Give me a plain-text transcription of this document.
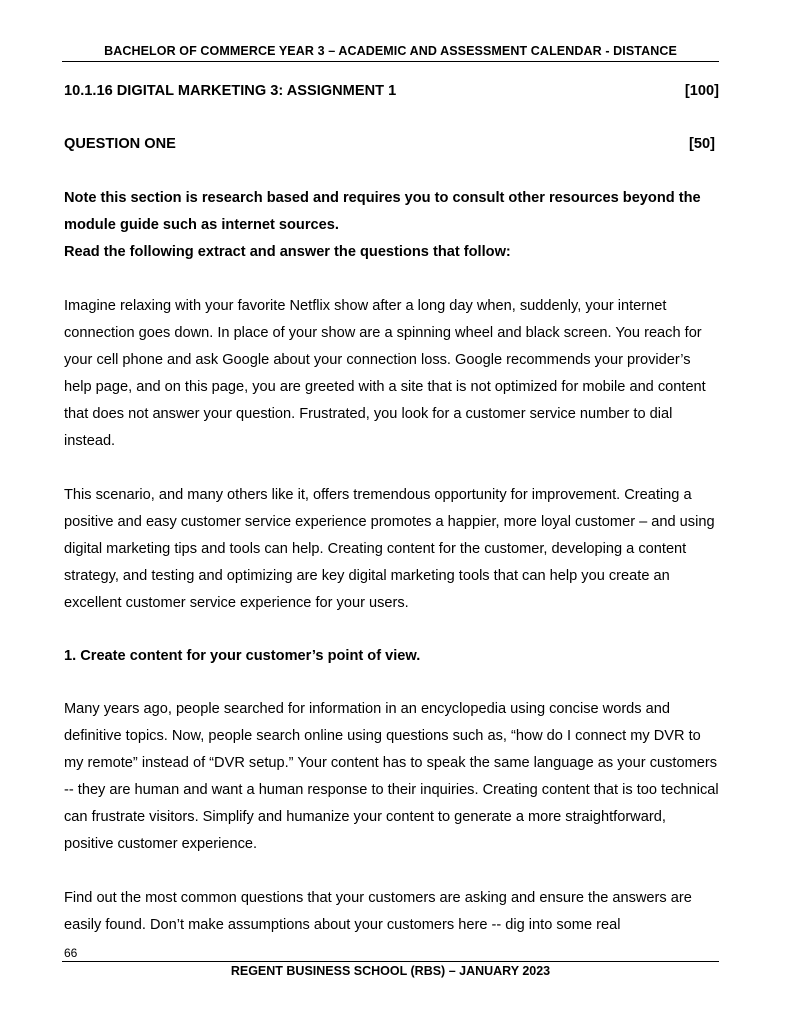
BACHELOR OF COMMERCE YEAR 3 – ACADEMIC AND ASSESSMENT CALENDAR - DISTANCE
10.1.16 DIGITAL MARKETING 3: ASSIGNMENT 1	[100]
QUESTION ONE	[50]

Note this section is research based and requires you to consult other resources beyond the module guide such as internet sources.

Read the following extract and answer the questions that follow:

Imagine relaxing with your favorite Netflix show after a long day when, suddenly, your internet connection goes down. In place of your show are a spinning wheel and black screen. You reach for your cell phone and ask Google about your connection loss. Google recommends your provider’s help page, and on this page, you are greeted with a site that is not optimized for mobile and content that does not answer your question. Frustrated, you look for a customer service number to dial instead.

This scenario, and many others like it, offers tremendous opportunity for improvement. Creating a positive and easy customer service experience promotes a happier, more loyal customer – and using digital marketing tips and tools can help. Creating content for the customer, developing a content strategy, and testing and optimizing are key digital marketing tools that can help you create an excellent customer service experience for your users.

1. Create content for your customer’s point of view.

Many years ago, people searched for information in an encyclopedia using concise words and definitive topics. Now, people search online using questions such as, “how do I connect my DVR to my remote” instead of “DVR setup.” Your content has to speak the same language as your customers -- they are human and want a human response to their inquiries. Creating content that is too technical can frustrate visitors. Simplify and humanize your content to generate a more straightforward, positive customer experience.

Find out the most common questions that your customers are asking and ensure the answers are easily found. Don’t make assumptions about your customers here -- dig into some real

66
REGENT BUSINESS SCHOOL (RBS) – JANUARY 2023
